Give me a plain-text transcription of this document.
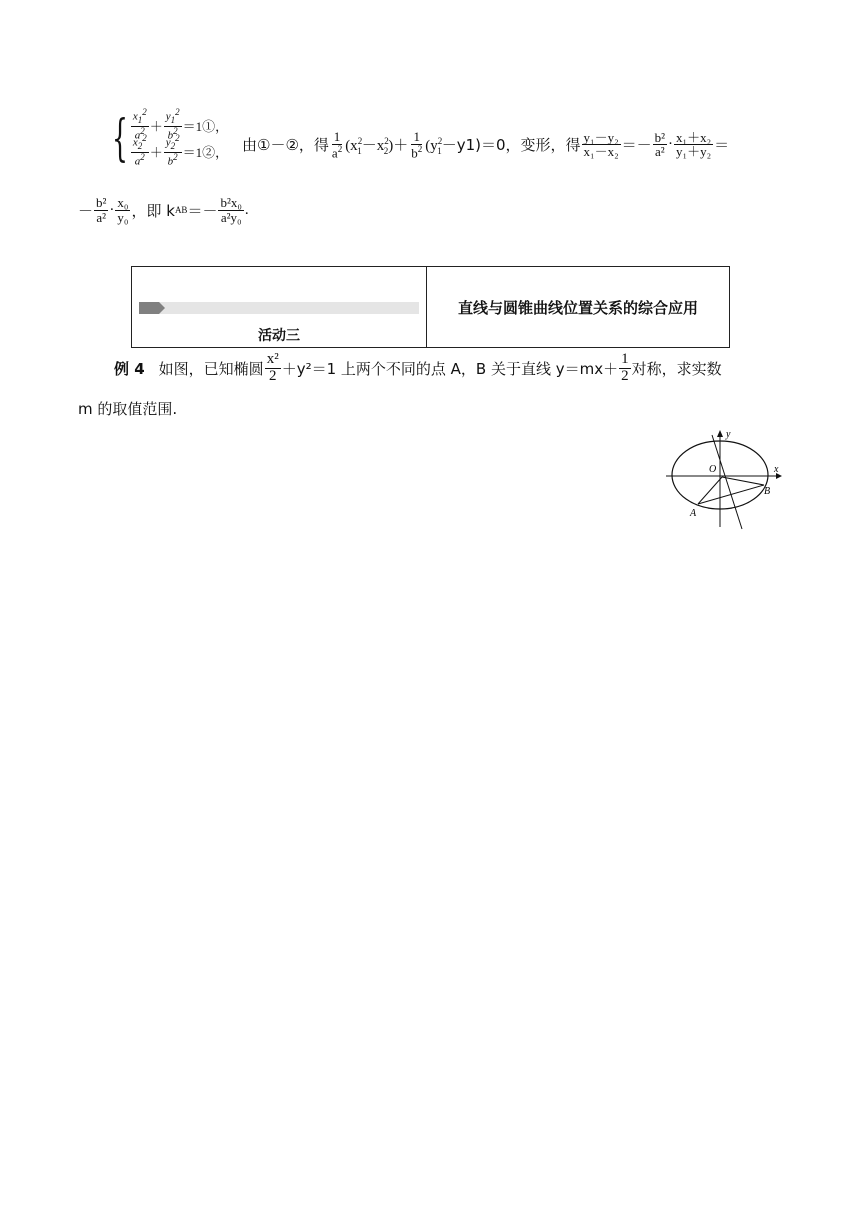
{ $\frac{x_1^2}{a^2} + \frac{y_1^2}{b^2}$ ＝1①，
$\frac{x_2^2}{a^2} + \frac{y_2^2}{b^2}$ ＝1②， 由①－②，得 $\frac{1}{a^2} (x^2_1-x^2_2)+ \frac{1}{b^2} (y^2_1-y1)=0$，变形，得 $\frac{\text{y₁－y₂}}{\text{x₁－x₂}} =- \frac{\text{b²}}{\text{a²}} \cdot \frac{\text{x₁＋x₂}}{\text{y₁＋y₂}}$ ＝
－ $\frac{\text{b²}}{\text{a²}} \cdot \frac{\text{x₀}}{\text{y₀}}$ ，即 k AB ＝－ $\frac{\text{b²x₀}}{\text{a²y₀}}$ .
活动三
直线与圆锥曲线位置关系的综合应用
例 4 如图，已知椭圆 $\frac{\text{x²}}{2} +y^2=1$ 上两个不同的点 A，B 关于直线 $y=mx+ \frac{1}{2}$ 对称，求实数
m 的取值范围.
y
x
O
A
B
